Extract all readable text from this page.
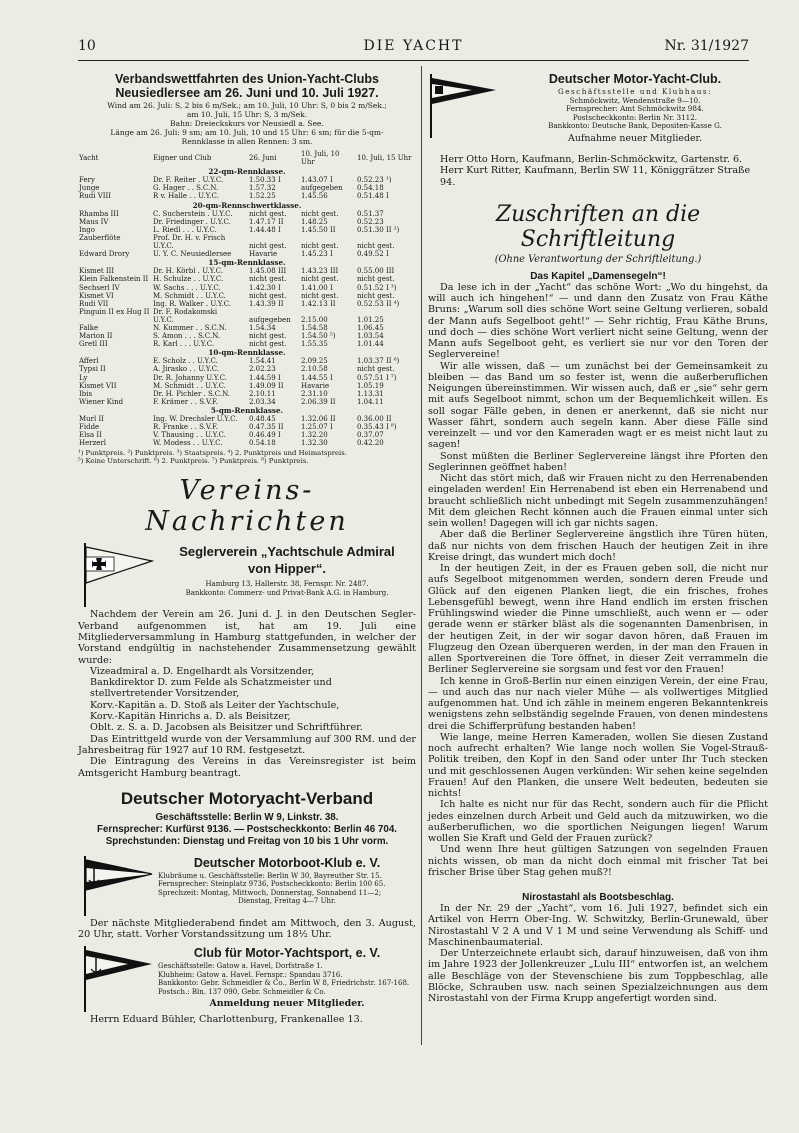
10	DIE YACHT	Nr. 31/1927
Verbandswettfahrten des Union-Yacht-Clubs
Neusiedlersee am 26. Juni und 10. Juli 1927.
Wind am 26. Juli: S, 2 bis 6 m/Sek.; am 10. Juli, 10 Uhr: S, 0 bis 2 m/Sek.;
am 10. Juli, 15 Uhr: S, 3 m/Sek.
Bahn: Dreieckskurs vor Neusiedl a. See.
Länge am 26. Juli: 9 sm; am 10. Juli, 10 und 15 Uhr: 6 sm; für die 5-qm-
Rennklasse in allen Rennen: 3 sm.
Yacht	Eigner und Club	26. Juni	10. Juli, 10 Uhr	10. Juli, 15 Uhr
22-qm-Rennklasse.				
Fery	Dr. F. Reiter . U.Y.C.	1.50.33 I	1.43.07 I	0.52.23 ¹)
Junge	G. Hager . . S.C.N.	1.57.32	aufgegeben	0.54.18
Rudi VIII	R v. Halle . . U.Y.C.	1.52.25	1.45.56	0.51.48 I
20-qm-Rennschwertklasse.				
Rhamba III	C. Sucherstein . U.Y.C.	nicht gest.	nicht gest.	0.51.37
Maus IV	Dr. Friedinger . U.Y.C.	1.47.17 II	1.48.25	0.52.23
Ingo	L. Riedl . . . U.Y.C.	1.44.48 I	1.45.50 II	0.51.30 II ²)
Zauberflöte	Prof. Dr. H. v. Frisch			
	U.Y.C.	nicht gest.	nicht gest.	nicht gest.
Edward Drory	U. Y. C. Neusiedlersee	Havarie	1.45.23 I	0.49.52 I
15-qm-Rennklasse.				
Kismet III	Dr. H. Körbl . U.Y.C.	1.45.08 III	1.43.23 III	0.55.00 III
Klein Falkenstein II	H. Schulze . . U.Y.C.	nicht gest.	nicht gest.	nicht gest.
Sechserl IV	W. Sachs . . . U.Y.C.	1.42.30 I	1.41.00 I	0.51.52 I ³)
Kismet VI	M. Schmidt . . U.Y.C.	nicht gest.	nicht gest.	nicht gest.
Rudi VII	Ing. R. Walker . U.Y.C.	1.43.39 II	1.42.13 II	0.52.53 II ⁴)
Pinguin II ex Hug II	Dr. F. Rodakomski			
	U.Y.C.	aufgegeben	2.15.00	1.01.25
Falke	N. Kummer . . S.C.N.	1.54.34	1.54.58	1.06.45
Marion II	S. Amon . . . S.C.N.	nicht gest.	1.54.50 ⁵)	1.03.54
Gretl III	R. Karl . . . U.Y.C.	nicht gest.	1.55.35	1.01.44
10-qm-Rennklasse.				
Afferl	E. Scholz . . U.Y.C.	1.54.41	2.09.25	1.03.37 II ⁶)
Typsi II	A. Jirasko . . U.Y.C.	2.02.23	2.10.58	nicht gest.
Ly	Dr. R. Johanny U.Y.C.	1.44.59 I	1.44.55 I	0.57.51 I ⁷)
Kismet VII	M. Schmidt . . U.Y.C.	1.49.09 II	Havarie	1.05.19
Ibis	Dr. H. Pichler . S.C.N.	2.10.11	2.31.10	1.13.31
Wiener Kind	F. Krämer . . S.V.F.	2.03.34	2.06.39 II	1.04.11
5-qm-Rennklasse.				
Murl II	Ing. W. Drechsler U.Y.C.	0.48.45	1.32.06 II	0.36.00 II
Fidde	R. Franke . . S.V.F.	0.47.35 II	1.25.07 I	0.35.43 I ⁸)
Elsa II	V. Thausing . . U.Y.C.	0.46.49 I	1.32.20	0.37.07
Herzerl	W. Modess . . U.Y.C.	0.54.18	1.32.30	0.42.20
¹) Punktpreis. ²) Punktpreis. ³) Staatspreis. ⁴) 2. Punktpreis und Heimatspreis.
⁵) Keine Unterschrift. ⁶) 2. Punktpreis. ⁷) Punktpreis. ⁸) Punktpreis.
Vereins-Nachrichten
Seglerverein „Yachtschule Admiral
von Hipper“.
Hamburg 13, Hallerstr. 38, Fernspr. Nr. 2487.
Bankkonto: Commerz- und Privat-Bank A.G. in Hamburg.

Nachdem der Verein am 26. Juni d. J. in den Deutschen Segler-Verband aufgenommen ist, hat am 19. Juli eine Mitgliederversammlung in Hamburg stattgefunden, in welcher der Vorstand endgültig in nachstehender Zusammensetzung gewählt wurde:

Vizeadmiral a. D. Engelhardt als Vorsitzender,
Bankdirektor D. zum Felde als Schatzmeister und stellvertretender Vorsitzender,
Korv.-Kapitän a. D. Stoß als Leiter der Yachtschule,
Korv.-Kapitän Hinrichs a. D. als Beisitzer,
Oblt. z. S. a. D. Jacobsen als Beisitzer und Schriftführer.

Das Eintrittgeld wurde von der Versammlung auf 300 RM. und der Jahresbeitrag für 1927 auf 10 RM. festgesetzt.

Die Eintragung des Vereins in das Vereinsregister ist beim Amtsgericht Hamburg beantragt.

Deutscher Motoryacht-Verband
Geschäftsstelle: Berlin W 9, Linkstr. 38.
Fernsprecher: Kurfürst 9136. — Postscheckkonto: Berlin 46 704.
Sprechstunden: Dienstag und Freitag von 10 bis 1 Uhr vorm.
Deutscher Motorboot-Klub e. V.
Klubräume u. Geschäftsstelle: Berlin W 30, Bayreuther Str. 15.
Fernsprecher: Steinplatz 9736, Postscheckkonto: Berlin 100 65.
Sprechzeit: Montag, Mittwoch, Donnerstag, Sonnabend 11—2;
Dienstag, Freitag 4—7 Uhr.

Der nächste Mitgliederabend findet am Mittwoch, den 3. August, 20 Uhr, statt. Vorher Vorstandssitzung um 18½ Uhr.

Club für Motor-Yachtsport, e. V.
Geschäftsstelle: Gatow a. Havel, Dorfstraße 1.
Klubheim: Gatow a. Havel. Fernspr.: Spandau 3716.
Bankkonto: Gebr. Schmeidler & Co., Berlin W 8, Friedrichstr. 167-168. Postsch.: Bln. 137 090, Gebr. Schmeidler & Co.
Anmeldung neuer Mitglieder.

Herrn Eduard Bühler, Charlottenburg, Frankenallee 13.

Deutscher Motor-Yacht-Club.
Geschäftsstelle und Klubhaus:
Schmöckwitz, Wendenstraße 9—10.
Fernsprecher: Amt Schmöckwitz 984.
Postscheckkonto: Berlin Nr. 3112.
Bankkonto: Deutsche Bank, Depositen-Kasse G.
Aufnahme neuer Mitglieder.

Herr Otto Horn, Kaufmann, Berlin-Schmöckwitz, Gartenstr. 6.

Herr Kurt Ritter, Kaufmann, Berlin SW 11, Königgrätzer Straße 94.

Zuschriften an die Schriftleitung
(Ohne Verantwortung der Schriftleitung.)
Das Kapitel „Damensegeln“!

Da lese ich in der „Yacht“ das schöne Wort: „Wo du hingehst, da will auch ich hingehen!“ — und dann den Zusatz von Frau Käthe Bruns: „Warum soll dies schöne Wort seine Geltung verlieren, sobald der Mann aufs Segelboot geht!“ — Sehr richtig, Frau Käthe Bruns, und doch — dies schöne Wort verliert nicht seine Geltung, wenn der Mann aufs Segelboot geht, es verliert sie nur vor den Toren der Seglervereine!

Wir alle wissen, daß — um zunächst bei der Gemeinsamkeit zu bleiben — das Band um so fester ist, wenn die außerberuflichen Neigungen übereinstimmen. Wir wissen auch, daß er „sie“ sehr gern mit aufs Segelboot nimmt, schon um der Bequemlichkeit willen. Es soll sogar Fälle geben, in denen er anerkennt, daß sie nicht nur Wasser fährt, sondern auch segeln kann. Aber diese Fälle sind vereinzelt — und vor den Kameraden wagt er es meist nicht laut zu sagen!

Sonst müßten die Berliner Seglervereine längst ihre Pforten den Seglerinnen geöffnet haben!

Nicht das stört mich, daß wir Frauen nicht zu den Herrenabenden eingeladen werden! Ein Herrenabend ist eben ein Herrenabend und braucht schließlich nicht unbedingt mit Segeln zusammenzuhängen! Mit dem gleichen Recht können auch die Frauen einmal unter sich sein wollen! Dagegen will ich gar nichts sagen.

Aber daß die Berliner Seglervereine ängstlich ihre Türen hüten, daß nur nichts von dem frischen Hauch der heutigen Zeit in ihre Kreise dringt, das wundert mich doch!

In der heutigen Zeit, in der es Frauen geben soll, die nicht nur aufs Segelboot mitgenommen werden, sondern deren Freude und Glück auf den eigenen Planken liegt, die ein frisches, frohes Lebensgefühl bewegt, wenn ihre Hand endlich im ersten frischen Frühlingswind wieder die Pinne umschließt, auch wenn er — oder gerade wenn er stärker bläst als die sogenannten Damenbrisen, in der heutigen Zeit, in der wir sogar davon hören, daß Frauen im Flugzeug den Ozean überqueren werden, in der man den Frauen in allen Sportvereinen die Tore öffnet, in dieser Zeit verrammeln die Berliner Seglervereine sie sorgsam und fest vor den Frauen!

Ich kenne in Groß-Berlin nur einen einzigen Verein, der eine Frau, — und auch das nur nach vieler Mühe — als vollwertiges Mitglied aufgenommen hat. Und ich zähle in meinem engeren Bekanntenkreis wenigstens zehn selbständig segelnde Frauen, von denen mindestens drei die Schifferprüfung bestanden haben!

Wie lange, meine Herren Kameraden, wollen Sie diesen Zustand noch aufrecht erhalten? Wie lange noch wollen Sie Vogel-Strauß-Politik treiben, den Kopf in den Sand oder unter Ihr Tuch stecken und mit geschlossenen Augen verkünden: Wir sehen keine segelnden Frauen! Auf den Planken, die unsere Welt bedeuten, bedeuten sie nichts!

Ich halte es nicht nur für das Recht, sondern auch für die Pflicht jedes einzelnen durch Arbeit und Geld auch da mitzuwirken, wo die außerberuflichen, wo die sportlichen Neigungen liegen! Warum wollen Sie Kraft und Geld der Frauen zurück?

Und wenn Ihre heut gültigen Satzungen von segelnden Frauen nichts wissen, ob man da nicht doch einmal mit frischer Tat bei frischer Brise über Stag gehen muß?!

Nirostastahl als Bootsbeschlag.

In der Nr. 29 der „Yacht“, vom 16. Juli 1927, befindet sich ein Artikel von Herrn Ober-Ing. W. Schwitzky, Berlin-Grunewald, über Nirostastahl V 2 A und V 1 M und seine Verwendung als Schiff- und Maschinenbaumaterial.

Der Unterzeichnete erlaubt sich, darauf hinzuweisen, daß von ihm im Jahre 1923 der Jollenkreuzer „Lulu III“ entworfen ist, an welchem alle Beschläge von der Stevenschiene bis zum Toppbeschlag, alle Blöcke, Schrauben usw. nach seinen Spezialzeichnungen aus dem Nirostastahl von der Firma Krupp angefertigt worden sind.
